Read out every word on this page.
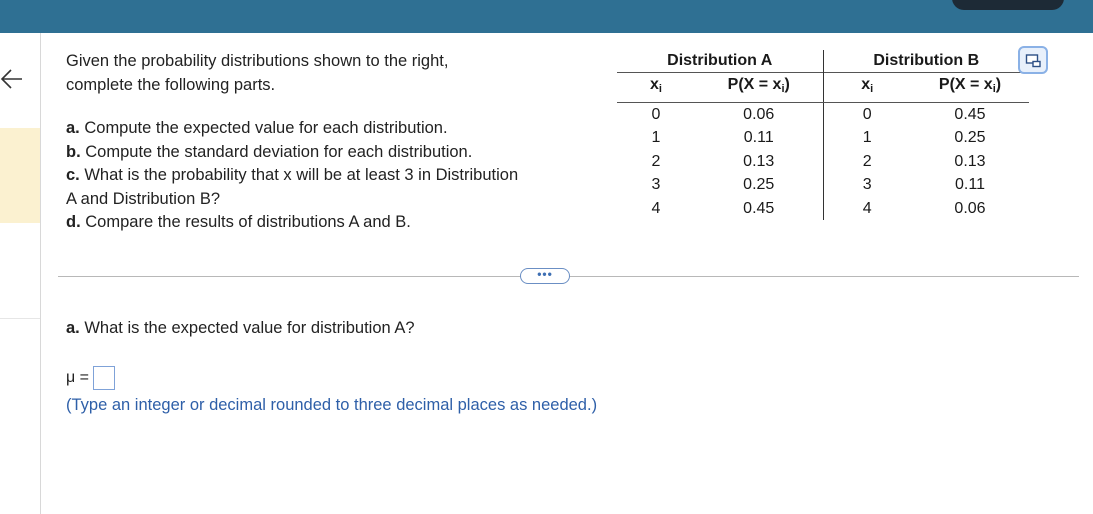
Given the probability distributions shown to the right,

complete the following parts.

a. Compute the expected value for each distribution.

b. Compute the standard deviation for each distribution.

c. What is the probability that x will be at least 3 in Distribution

A and Distribution B?

d. Compare the results of distributions A and B.

Distribution A		Distribution B	
$x_i$	$P(X = x_i)$	$x_i$	$P(X = x_i)$
0	0.06	0	0.45
1	0.11	1	0.25
2	0.13	2	0.13
3	0.25	3	0.11
4	0.45	4	0.06
•••
a. What is the expected value for distribution A?
μ =
(Type an integer or decimal rounded to three decimal places as needed.)
